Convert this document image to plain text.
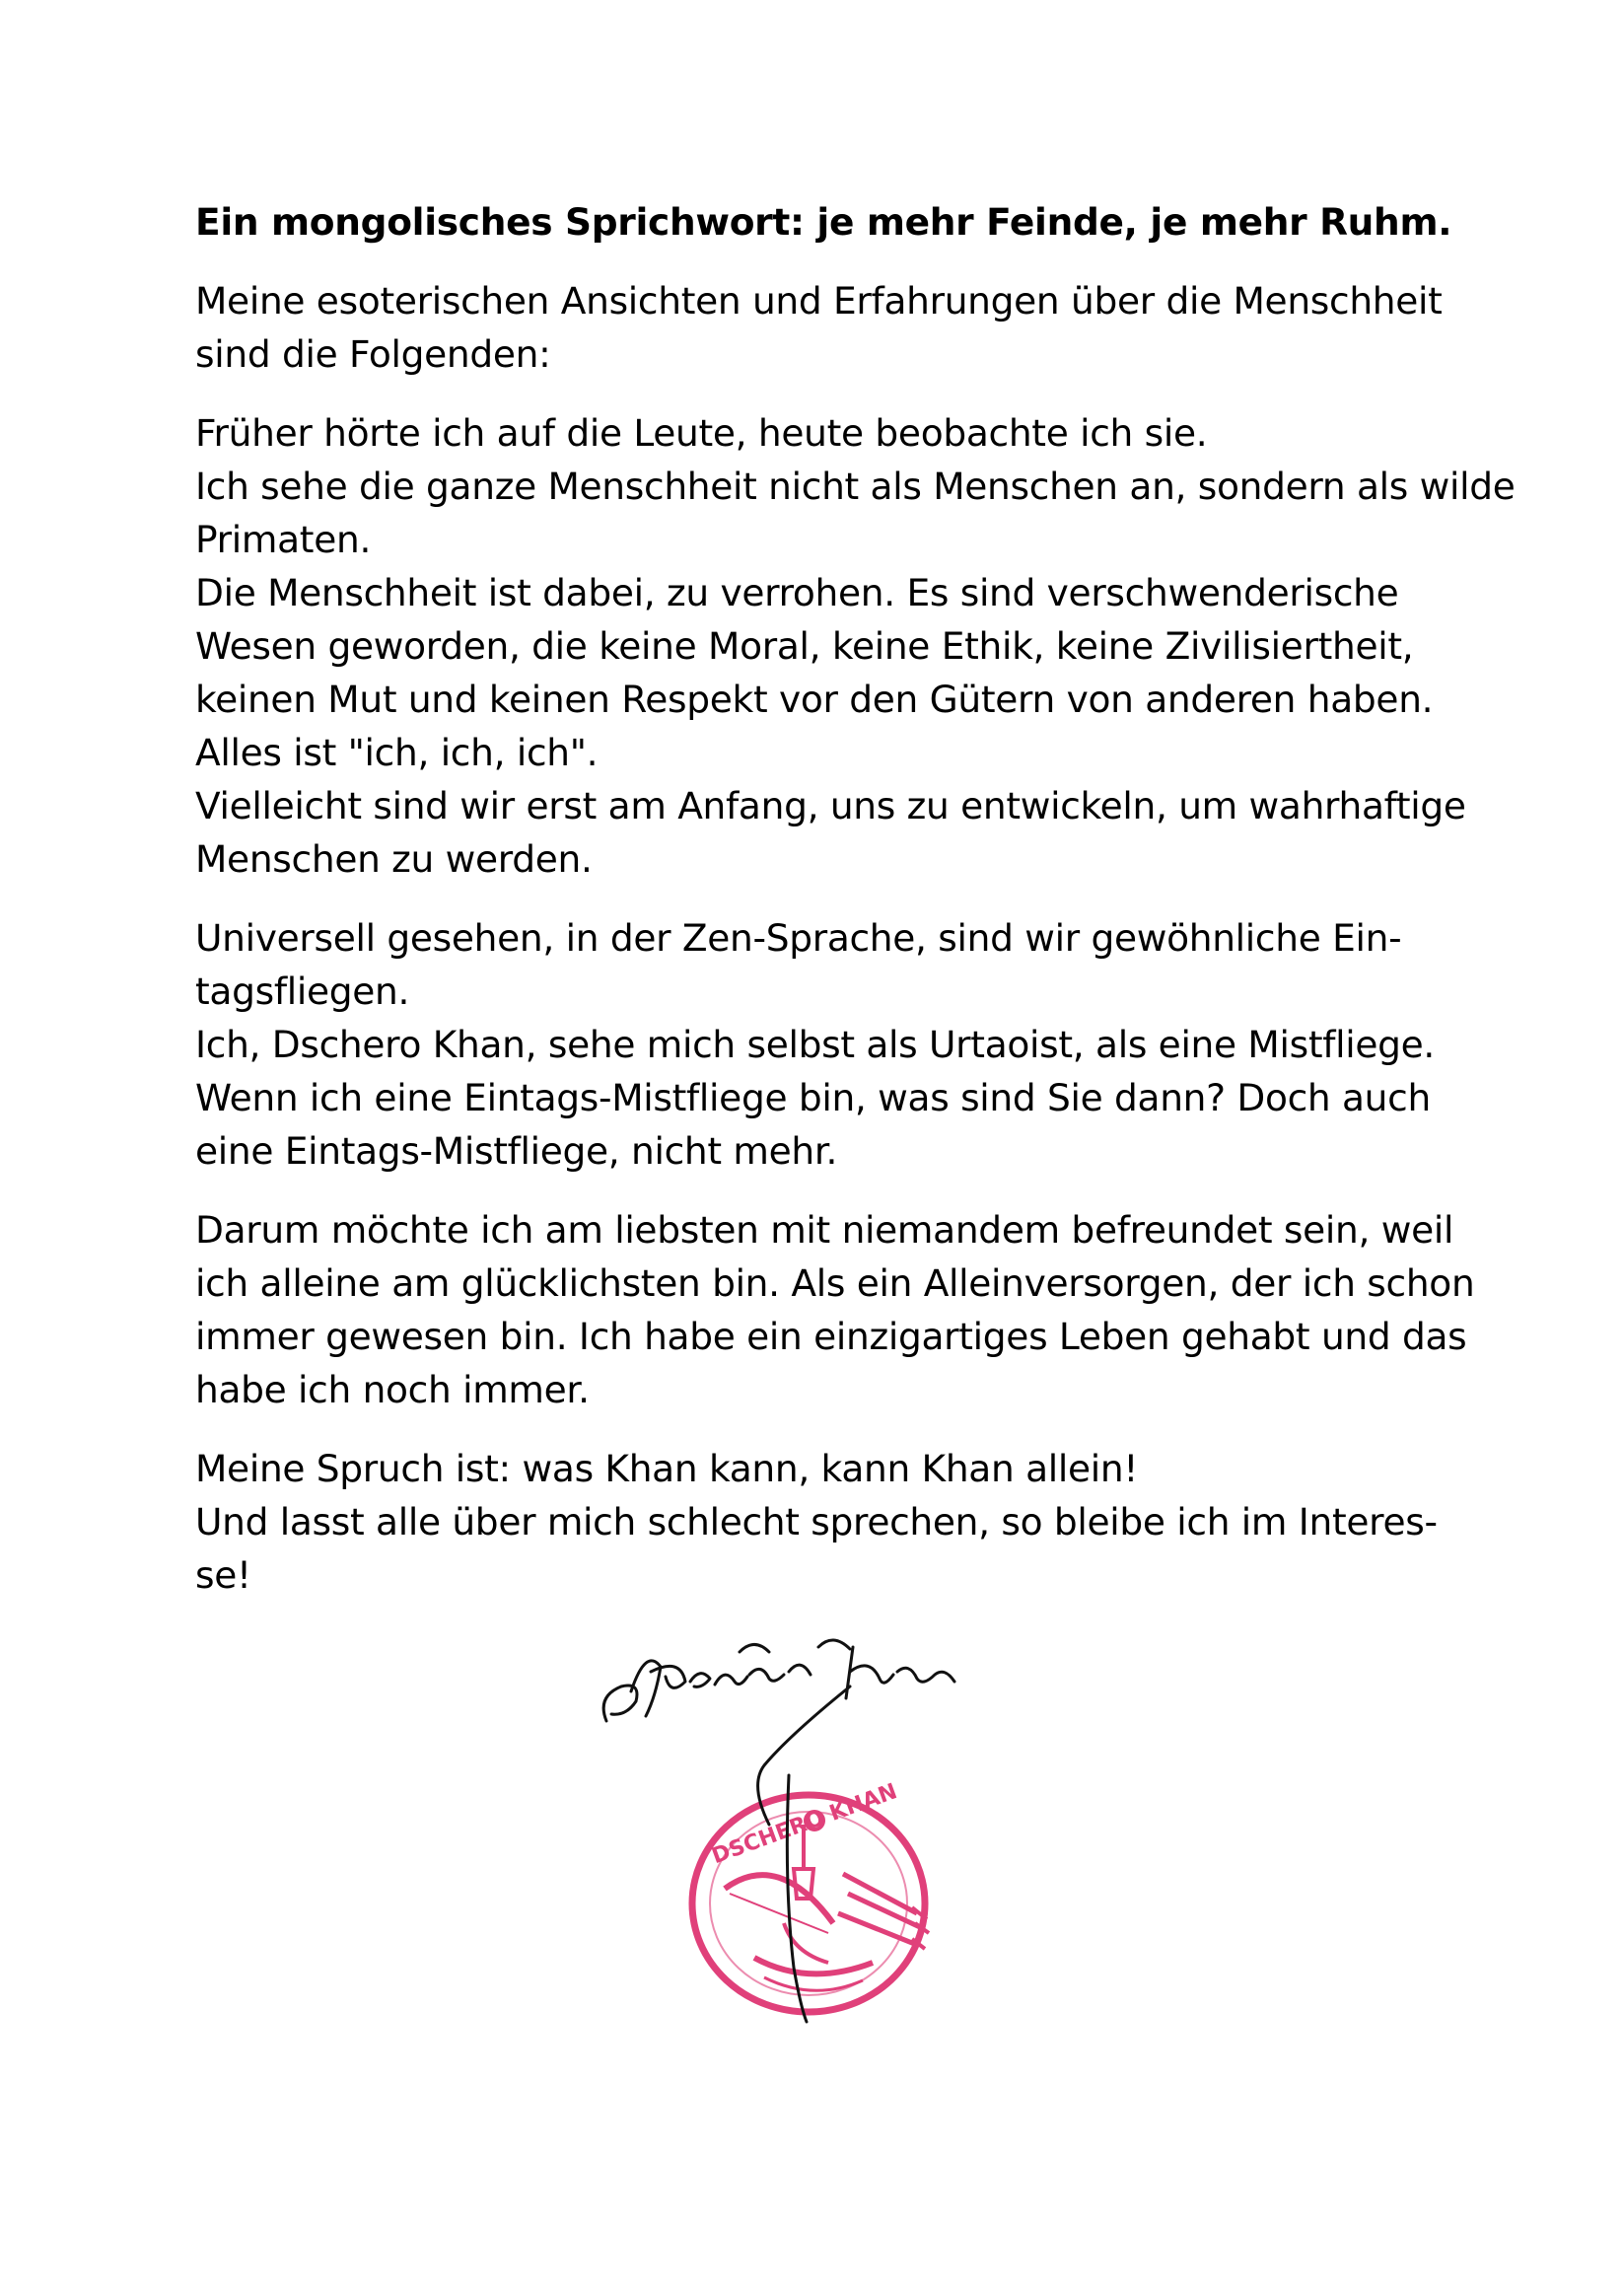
Ein mongolisches Sprichwort: je mehr Feinde, je mehr Ruhm.

Meine esoterischen Ansichten und Erfahrungen über die Menschheit
sind die Folgenden:

Früher hörte ich auf die Leute, heute beobachte ich sie.
Ich sehe die ganze Menschheit nicht als Menschen an, sondern als wilde
Primaten.
Die Menschheit ist dabei, zu verrohen. Es sind verschwenderische
Wesen geworden, die keine Moral, keine Ethik, keine Zivilisiertheit,
keinen Mut und keinen Respekt vor den Gütern von anderen haben.
Alles ist "ich, ich, ich".
Vielleicht sind wir erst am Anfang, uns zu entwickeln, um wahrhaftige
Menschen zu werden.

Universell gesehen, in der Zen-Sprache, sind wir gewöhnliche Ein-
tagsfliegen.
Ich, Dschero Khan, sehe mich selbst als Urtaoist, als eine Mistfliege.
Wenn ich eine Eintags-Mistfliege bin, was sind Sie dann? Doch auch
eine Eintags-Mistfliege, nicht mehr.

Darum möchte ich am liebsten mit niemandem befreundet sein, weil
ich alleine am glücklichsten bin. Als ein Alleinversorgen, der ich schon
immer gewesen bin. Ich habe ein einzigartiges Leben gehabt und das
habe ich noch immer.

Meine Spruch ist: was Khan kann, kann Khan allein!
Und lasst alle über mich schlecht sprechen, so bleibe ich im Interes-
se!

DSCHERO KHAN
